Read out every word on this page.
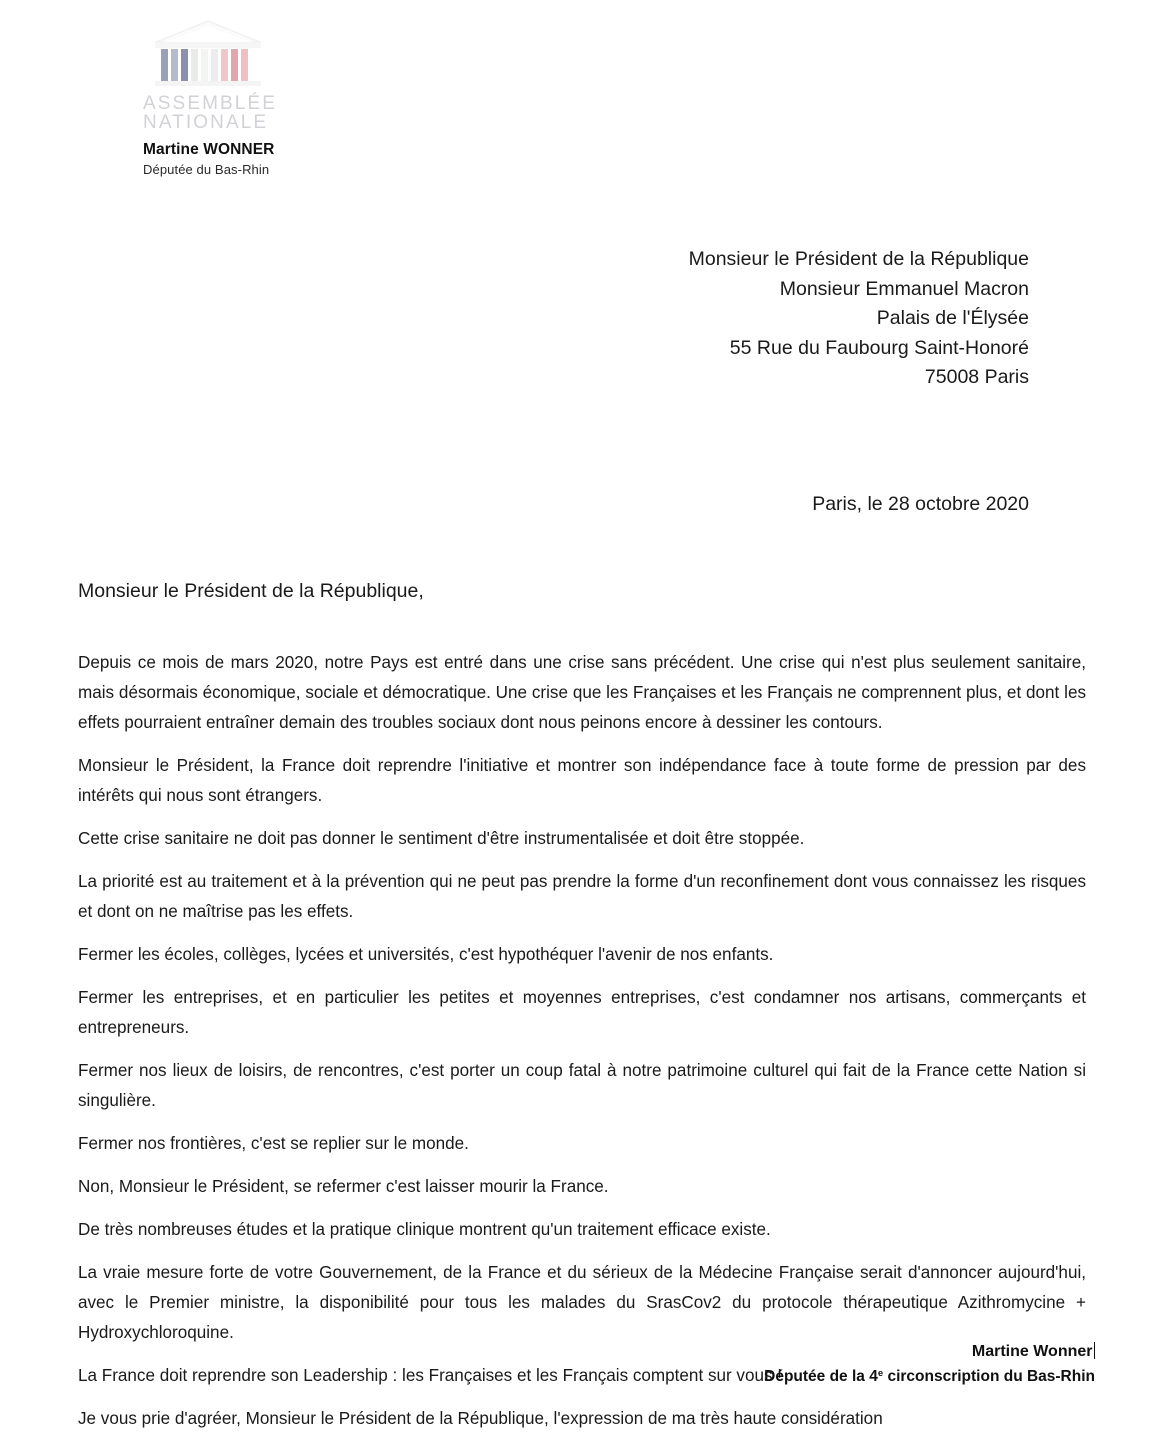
ASSEMBLÉE
NATIONALE
Martine WONNER
Députée du Bas-Rhin
Monsieur le Président de la République
Monsieur Emmanuel Macron
Palais de l'Élysée
55 Rue du Faubourg Saint-Honoré
75008 Paris
Paris, le 28 octobre 2020
Monsieur le Président de la République,

Depuis ce mois de mars 2020, notre Pays est entré dans une crise sans précédent. Une crise qui n'est plus seulement sanitaire, mais désormais économique, sociale et démocratique. Une crise que les Françaises et les Français ne comprennent plus, et dont les effets pourraient entraîner demain des troubles sociaux dont nous peinons encore à dessiner les contours.

Monsieur le Président, la France doit reprendre l'initiative et montrer son indépendance face à toute forme de pression par des intérêts qui nous sont étrangers.

Cette crise sanitaire ne doit pas donner le sentiment d'être instrumentalisée et doit être stoppée.

La priorité est au traitement et à la prévention qui ne peut pas prendre la forme d'un reconfinement dont vous connaissez les risques et dont on ne maîtrise pas les effets.

Fermer les écoles, collèges, lycées et universités, c'est hypothéquer l'avenir de nos enfants.

Fermer les entreprises, et en particulier les petites et moyennes entreprises, c'est condamner nos artisans, commerçants et entrepreneurs.

Fermer nos lieux de loisirs, de rencontres, c'est porter un coup fatal à notre patrimoine culturel qui fait de la France cette Nation si singulière.

Fermer nos frontières, c'est se replier sur le monde.

Non, Monsieur le Président, se refermer c'est laisser mourir la France.

De très nombreuses études et la pratique clinique montrent qu'un traitement efficace existe.

La vraie mesure forte de votre Gouvernement, de la France et du sérieux de la Médecine Française serait d'annoncer aujourd'hui, avec le Premier ministre, la disponibilité pour tous les malades du SrasCov2 du protocole thérapeutique Azithromycine + Hydroxychloroquine.

La France doit reprendre son Leadership : les Françaises et les Français comptent sur vous !

Je vous prie d'agréer, Monsieur le Président de la République, l'expression de ma très haute considération

Martine Wonner
Députée de la 4e circonscription du Bas-Rhin
